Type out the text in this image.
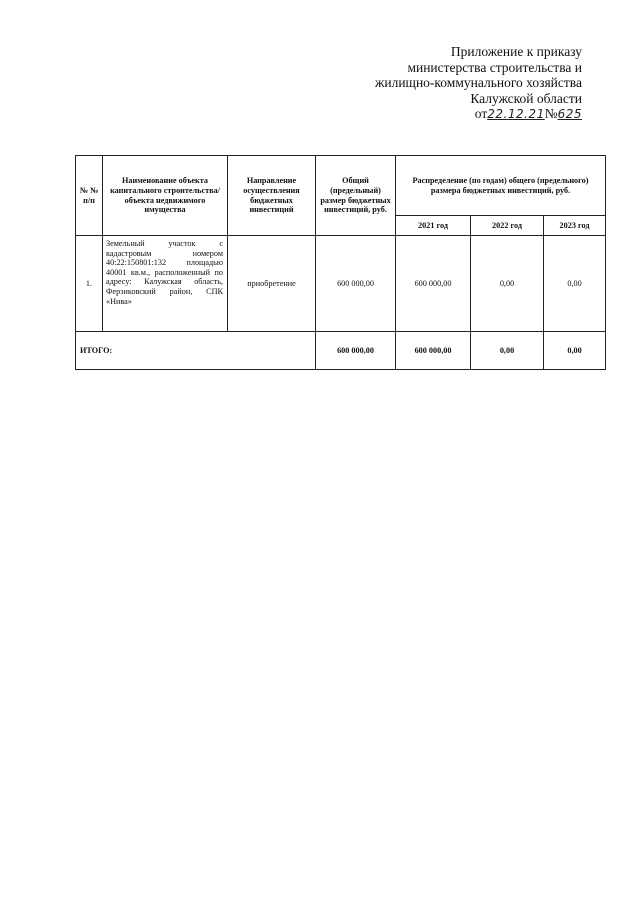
Приложение к приказу
министерства строительства и
жилищно-коммунального хозяйства
Калужской области
от22.12.21№625
№ № п/п	Наименование объекта капитального строительства/объекта недвижимого имущества	Направление осуществления бюджетных инвестиций	Общий (предельный) размер бюджетных инвестиций, руб.	Распределение (по годам) общего (предельного) размера бюджетных инвестиций, руб.		
				2021 год	2022 год	2023 год
1.	Земельный участок с кадастровым номером 40:22:150801:132 площадью 40001 кв.м., расположенный по адресу: Калужская область, Ферзиковский район, СПК «Нива»	приобретение	600 000,00	600 000,00	0,00	0,00
ИТОГО:			600 000,00	600 000,00	0,00	0,00
